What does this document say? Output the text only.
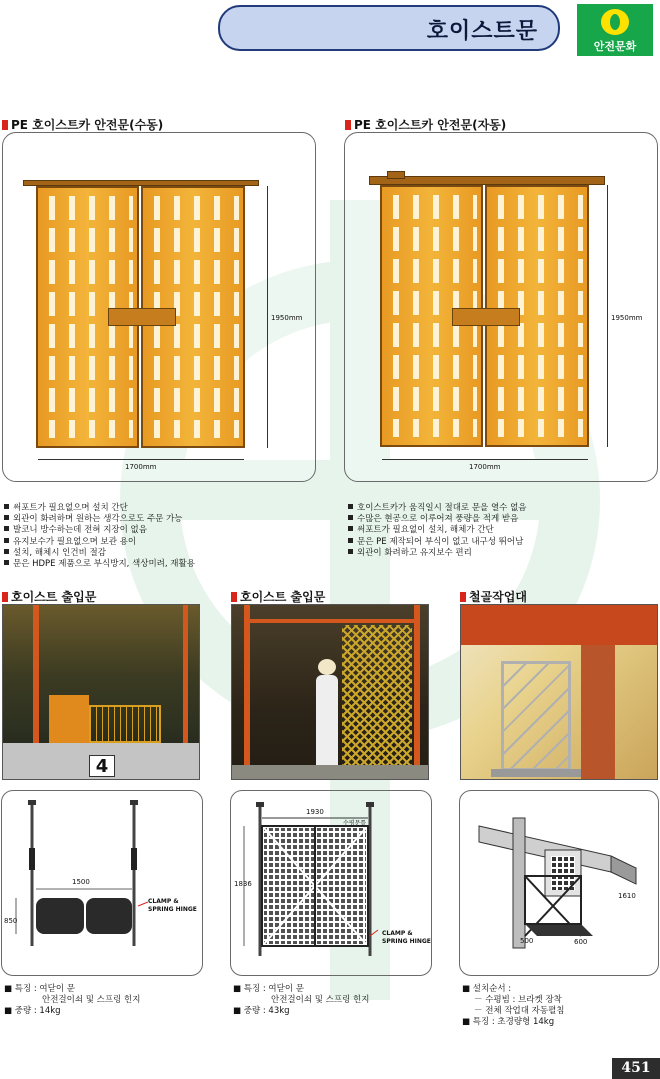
호이스트문
안전문화
PE 호이스트카 안전문(수동)
1950mm
1700mm
써포트가 필요없으며 설치 간단
외관이 화려하며 원하는 생각으로도 주문 가능
발코니 방수하는데 전혀 지장이 없음
유지보수가 필요없으며 보관 용이
설치, 해체시 인건비 절감
문은 HDPE 제품으로 부식방지, 색상미려, 재활용
PE 호이스트카 안전문(자동)
1950mm
1700mm
호이스트카가 움직일시 절대로 문을 열수 없음
수많은 현공으로 이루어져 풍량을 적게 받음
써포트가 필요없이 설치, 해체가 간단
문은 PE 제작되어 부식이 없고 내구성 뛰어남
외관이 화려하고 유지보수 편리
호이스트 출입문
4
1500
850
CLAMP &
SPRING HINGE
■ 특징 : 여닫이 문
안전걸이쇠 및 스프링 힌지
■ 중량 : 14kg
호이스트 출입문
1930
수평문틀
1836
CLAMP &
SPRING HINGE
■ 특징 : 여닫이 문
안전걸이쇠 및 스프링 힌지
■ 중량 : 43kg
철골작업대
1610
500	600
■ 설치순서 :
－ 수평빔 : 브라켓 장착
－ 전체 작업대 자동펼침
■ 특징 : 초경량형 14kg
451
